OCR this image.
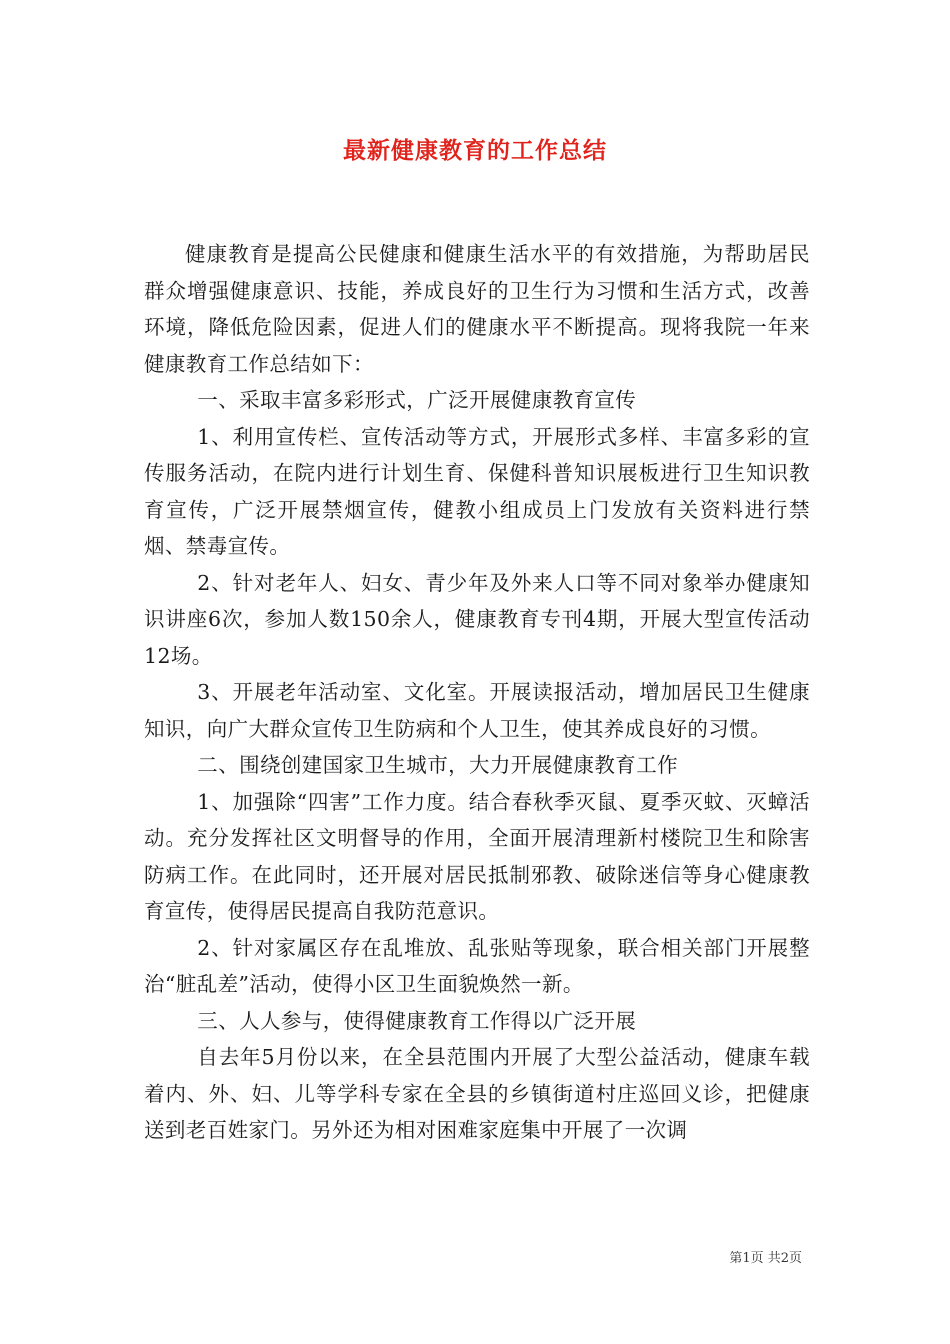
最新健康教育的工作总结

健康教育是提高公民健康和健康生活水平的有效措施，为帮助居民群众增强健康意识、技能，养成良好的卫生行为习惯和生活方式，改善环境，降低危险因素，促进人们的健康水平不断提高。现将我院一年来健康教育工作总结如下：

一、采取丰富多彩形式，广泛开展健康教育宣传

1、利用宣传栏、宣传活动等方式，开展形式多样、丰富多彩的宣传服务活动，在院内进行计划生育、保健科普知识展板进行卫生知识教育宣传，广泛开展禁烟宣传，健教小组成员上门发放有关资料进行禁烟、禁毒宣传。

2、针对老年人、妇女、青少年及外来人口等不同对象举办健康知识讲座6次，参加人数150余人，健康教育专刊4期，开展大型宣传活动12场。

3、开展老年活动室、文化室。开展读报活动，增加居民卫生健康知识，向广大群众宣传卫生防病和个人卫生，使其养成良好的习惯。

二、围绕创建国家卫生城市，大力开展健康教育工作

1、加强除“四害”工作力度。结合春秋季灭鼠、夏季灭蚊、灭蟑活动。充分发挥社区文明督导的作用，全面开展清理新村楼院卫生和除害防病工作。在此同时，还开展对居民抵制邪教、破除迷信等身心健康教育宣传，使得居民提高自我防范意识。

2、针对家属区存在乱堆放、乱张贴等现象，联合相关部门开展整治“脏乱差”活动，使得小区卫生面貌焕然一新。

三、人人参与，使得健康教育工作得以广泛开展

自去年5月份以来，在全县范围内开展了大型公益活动，健康车载着内、外、妇、儿等学科专家在全县的乡镇街道村庄巡回义诊，把健康送到老百姓家门。另外还为相对困难家庭集中开展了一次调

第1页 共2页
